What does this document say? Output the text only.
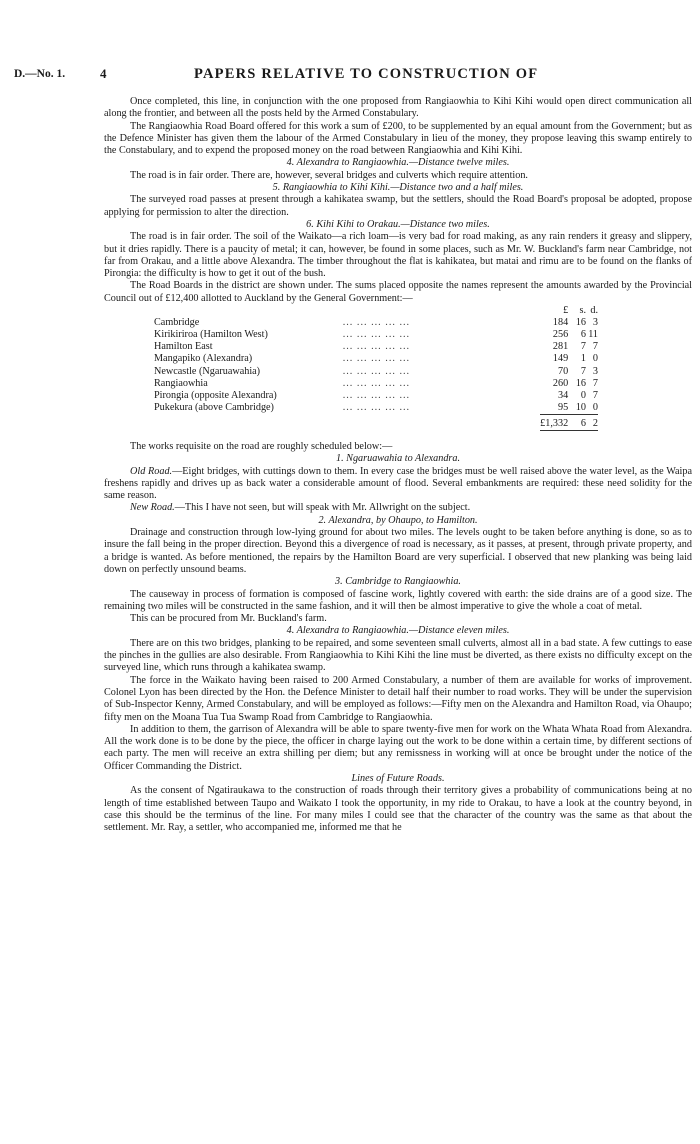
D.—No. 1.	4	PAPERS RELATIVE TO CONSTRUCTION OF

Once completed, this line, in conjunction with the one proposed from Rangiaowhia to Kihi Kihi would open direct communication all along the frontier, and between all the posts held by the Armed Constabulary.

The Rangiaowhia Road Board offered for this work a sum of £200, to be supplemented by an equal amount from the Government; but as the Defence Minister has given them the labour of the Armed Constabulary in lieu of the money, they propose leaving this swamp entirely to the Constabulary, and to expend the proposed money on the road between Rangiaowhia and Kihi Kihi.

4. Alexandra to Rangiaowhia.—Distance twelve miles.

The road is in fair order. There are, however, several bridges and culverts which require attention.

5. Rangiaowhia to Kihi Kihi.—Distance two and a half miles.

The surveyed road passes at present through a kahikatea swamp, but the settlers, should the Road Board's proposal be adopted, propose applying for permission to alter the direction.

6. Kihi Kihi to Orakau.—Distance two miles.

The road is in fair order. The soil of the Waikato—a rich loam—is very bad for road making, as any rain renders it greasy and slippery, but it dries rapidly. There is a paucity of metal; it can, however, be found in some places, such as Mr. W. Buckland's farm near Cambridge, not far from Orakau, and a little above Alexandra. The timber throughout the flat is kahikatea, but matai and rimu are to be found on the flanks of Pirongia: the difficulty is how to get it out of the bush.

The Road Boards in the district are shown under. The sums placed opposite the names represent the amounts awarded by the Provincial Council out of £12,400 allotted to Auckland by the General Government:—

		£	s.	d.
Cambridge	... ... ... ... ...	184	16	3
Kirikiriroa (Hamilton West)	... ... ... ... ...	256	6	11
Hamilton East	... ... ... ... ...	281	7	7
Mangapiko (Alexandra)	... ... ... ... ...	149	1	0
Newcastle (Ngaruawahia)	... ... ... ... ...	70	7	3
Rangiaowhia	... ... ... ... ...	260	16	7
Pirongia (opposite Alexandra)	... ... ... ... ...	34	0	7
Pukekura (above Cambridge)	... ... ... ... ...	95	10	0
		£1,332	6	2

The works requisite on the road are roughly scheduled below:—

1. Ngaruawahia to Alexandra.

Old Road.—Eight bridges, with cuttings down to them. In every case the bridges must be well raised above the water level, as the Waipa freshens rapidly and drives up as back water a considerable amount of flood. Several embankments are required: these need solidity for the same reason.

New Road.—This I have not seen, but will speak with Mr. Allwright on the subject.

2. Alexandra, by Ohaupo, to Hamilton.

Drainage and construction through low-lying ground for about two miles. The levels ought to be taken before anything is done, so as to insure the fall being in the proper direction. Beyond this a divergence of road is necessary, as it passes, at present, through private property, and a bridge is wanted. As before mentioned, the repairs by the Hamilton Board are very superficial. I observed that new planking was being laid down on perfectly unsound beams.

3. Cambridge to Rangiaowhia.

The causeway in process of formation is composed of fascine work, lightly covered with earth: the side drains are of a good size. The remaining two miles will be constructed in the same fashion, and it will then be almost imperative to give the whole a coat of metal.

This can be procured from Mr. Buckland's farm.

4. Alexandra to Rangiaowhia.—Distance eleven miles.

There are on this two bridges, planking to be repaired, and some seventeen small culverts, almost all in a bad state. A few cuttings to ease the pinches in the gullies are also desirable. From Rangiaowhia to Kihi Kihi the line must be diverted, as there exists no difficulty except on the surveyed line, which runs through a kahikatea swamp.

The force in the Waikato having been raised to 200 Armed Constabulary, a number of them are available for works of improvement. Colonel Lyon has been directed by the Hon. the Defence Minister to detail half their number to road works. They will be under the supervision of Sub-Inspector Kenny, Armed Constabulary, and will be employed as follows:—Fifty men on the Alexandra and Hamilton Road, via Ohaupo; fifty men on the Moana Tua Tua Swamp Road from Cambridge to Rangiaowhia.

In addition to them, the garrison of Alexandra will be able to spare twenty-five men for work on the Whata Whata Road from Alexandra. All the work done is to be done by the piece, the officer in charge laying out the work to be done within a certain time, by different sections of each party. The men will receive an extra shilling per diem; but any remissness in working will at once be brought under the notice of the Officer Commanding the District.

Lines of Future Roads.

As the consent of Ngatiraukawa to the construction of roads through their territory gives a probability of communications being at no length of time established between Taupo and Waikato I took the opportunity, in my ride to Orakau, to have a look at the country beyond, in case this should be the terminus of the line. For many miles I could see that the character of the country was the same as that about the settlement. Mr. Ray, a settler, who accompanied me, informed me that he
